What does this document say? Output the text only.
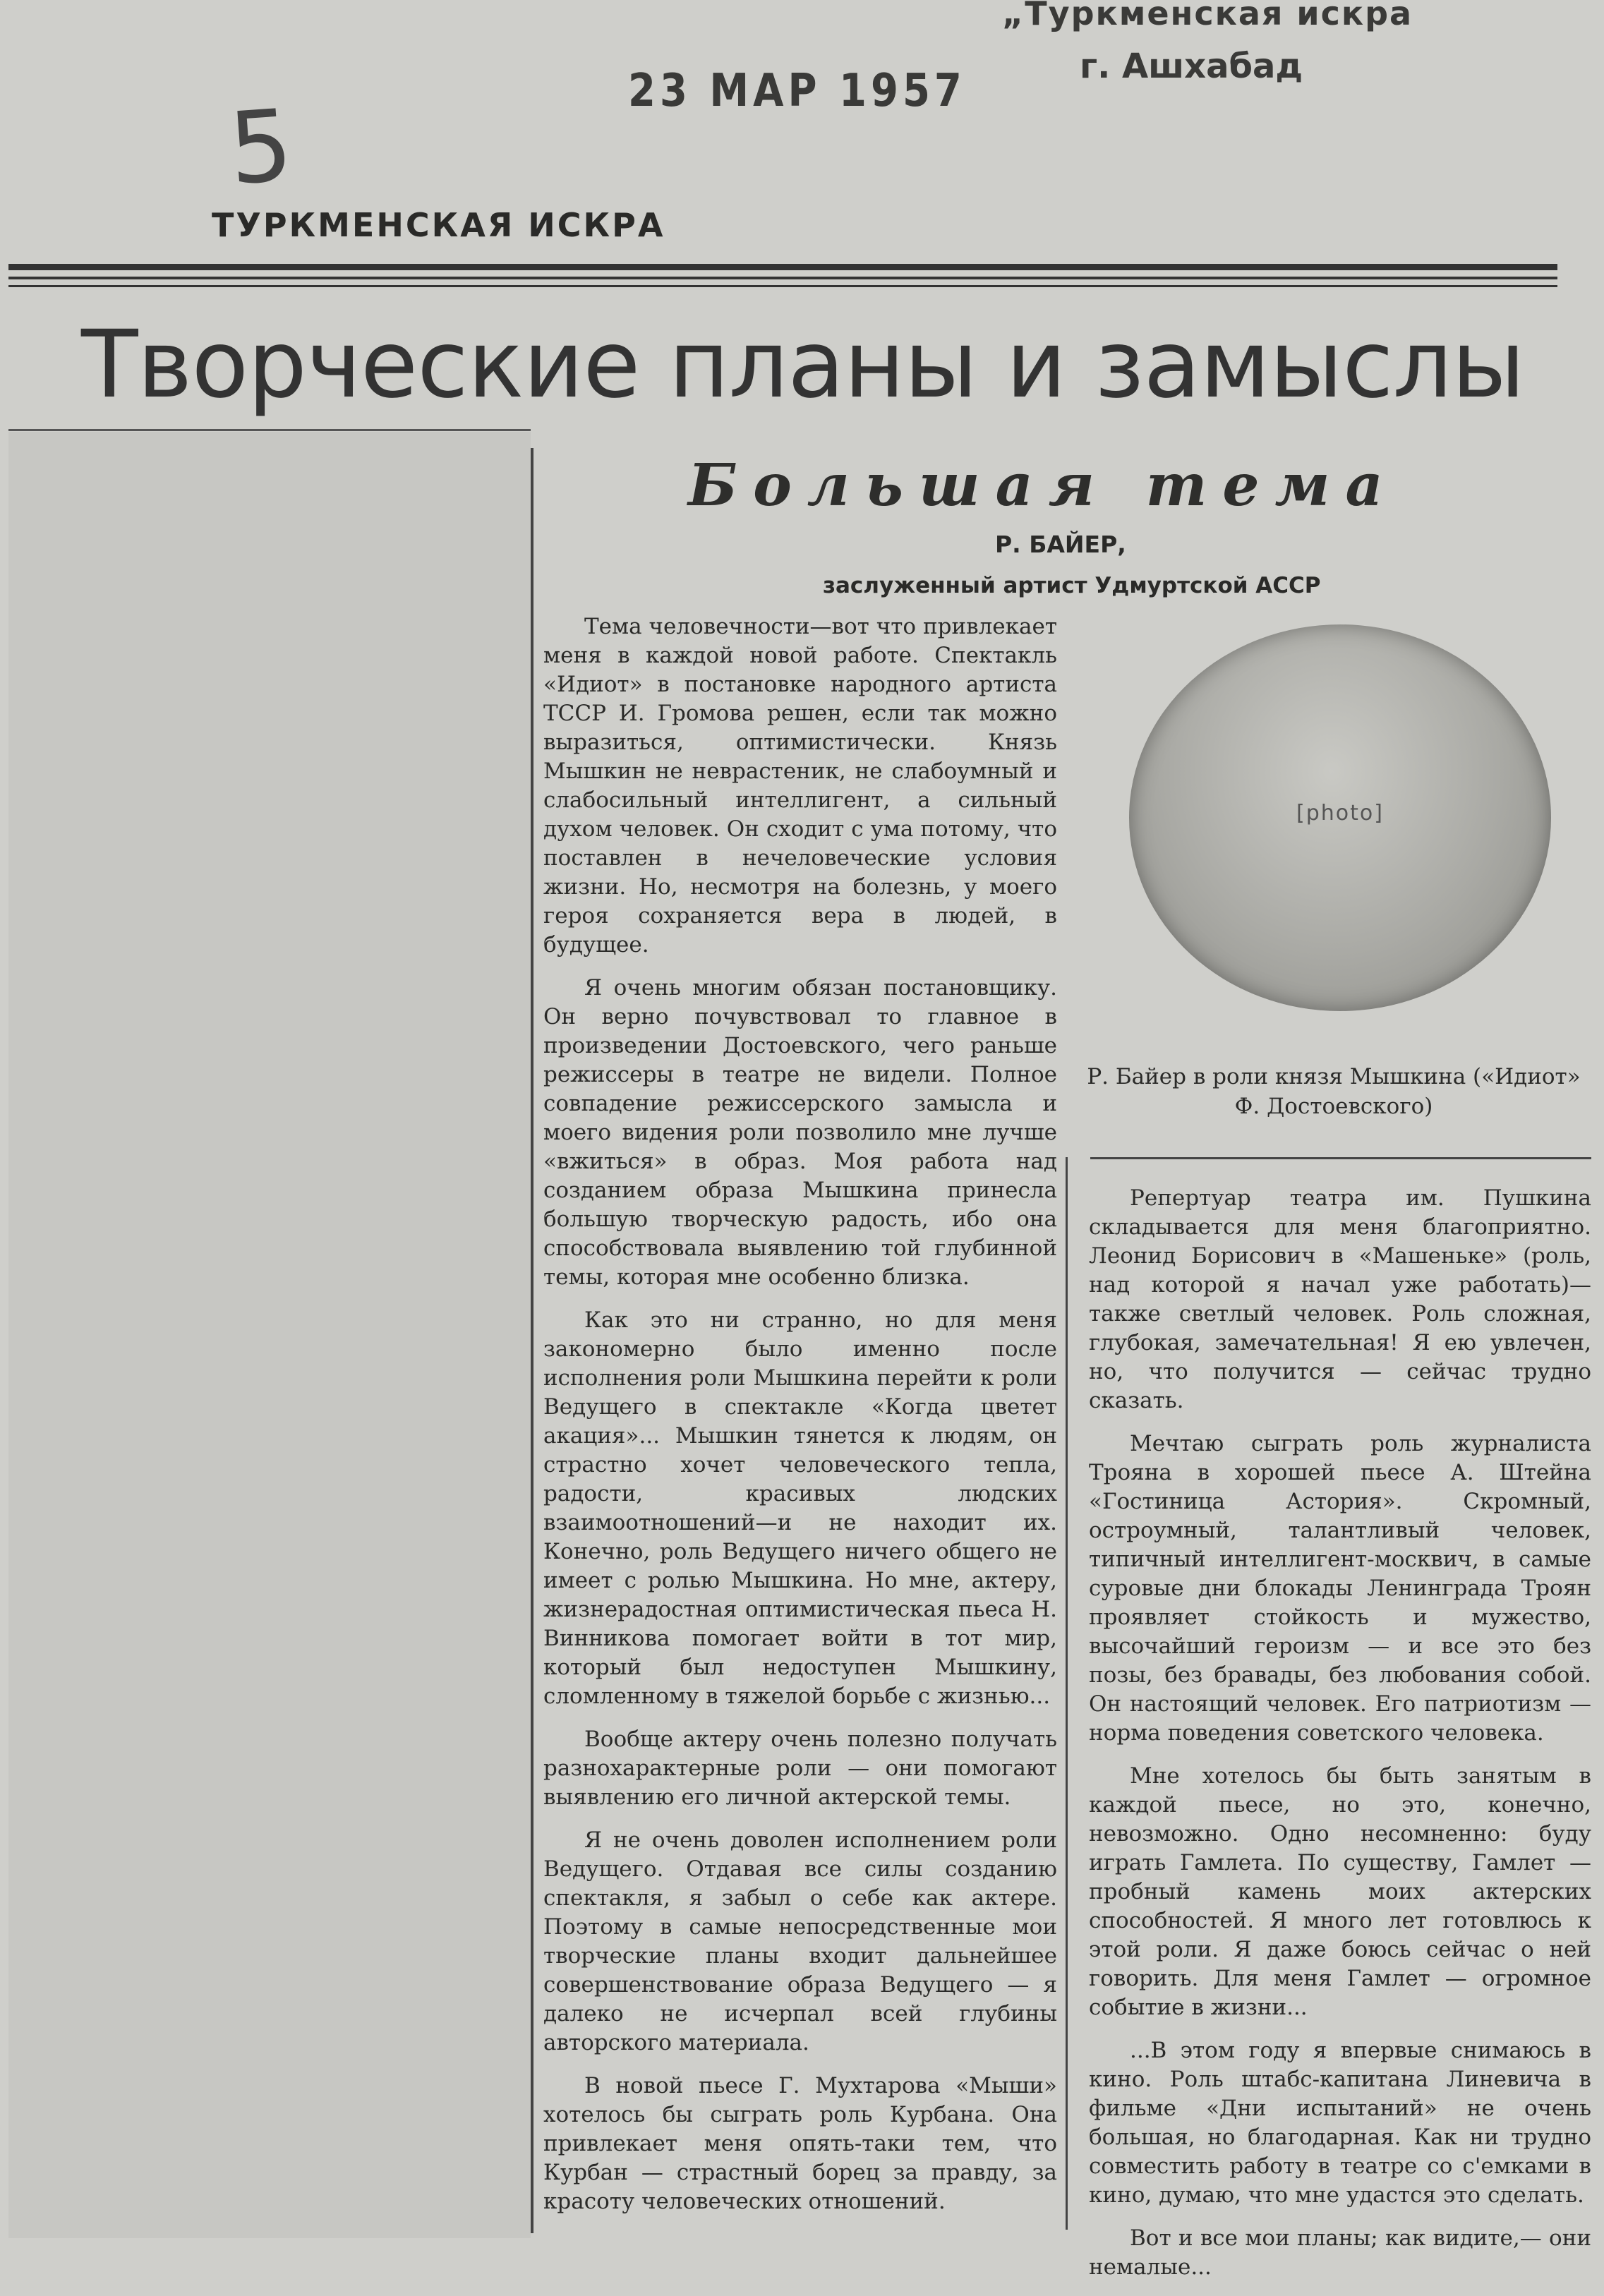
„Туркменская искра
г. Ашхабад
23 МАР 1957
5
ТУРКМЕНСКАЯ ИСКРА
Творческие планы и замыслы
Большая тема
Р. БАЙЕР,
заслуженный артист Удмуртской АССР

Тема человечности—вот что привлекает меня в каждой новой работе. Спектакль «Идиот» в постановке народного артиста ТССР И. Громова решен, если так можно выразиться, оптимистически. Князь Мышкин не неврастеник, не слабоумный и слабосильный интеллигент, а сильный духом человек. Он сходит с ума потому, что поставлен в нечеловеческие условия жизни. Но, несмотря на болезнь, у моего героя сохраняется вера в людей, в будущее.

Я очень многим обязан постановщику. Он верно почувствовал то главное в произведении Достоевского, чего раньше режиссеры в театре не видели. Полное совпадение режиссерского замысла и моего видения роли позволило мне лучше «вжиться» в образ. Моя работа над созданием образа Мышкина принесла большую творческую радость, ибо она способствовала выявлению той глубинной темы, которая мне особенно близка.

Как это ни странно, но для меня закономерно было именно после исполнения роли Мышкина перейти к роли Ведущего в спектакле «Когда цветет акация»... Мышкин тянется к людям, он страстно хочет человеческого тепла, радости, красивых людских взаимоотношений—и не находит их. Конечно, роль Ведущего ничего общего не имеет с ролью Мышкина. Но мне, актеру, жизнерадостная оптимистическая пьеса Н. Винникова помогает войти в тот мир, который был недоступен Мышкину, сломленному в тяжелой борьбе с жизнью...

Вообще актеру очень полезно получать разнохарактерные роли — они помогают выявлению его личной актерской темы.

Я не очень доволен исполнением роли Ведущего. Отдавая все силы созданию спектакля, я забыл о себе как актере. Поэтому в самые непосредственные мои творческие планы входит дальнейшее совершенствование образа Ведущего — я далеко не исчерпал всей глубины авторского материала.

В новой пьесе Г. Мухтарова «Мыши» хотелось бы сыграть роль Курбана. Она привлекает меня опять-таки тем, что Курбан — страстный борец за правду, за красоту человеческих отношений.

[photo]
Р. Байер в роли князя Мышкина («Идиот» Ф. Достоевского)

Репертуар театра им. Пушкина складывается для меня благоприятно. Леонид Борисович в «Машеньке» (роль, над которой я начал уже работать)—также светлый человек. Роль сложная, глубокая, замечательная! Я ею увлечен, но, что получится — сейчас трудно сказать.

Мечтаю сыграть роль журналиста Трояна в хорошей пьесе А. Штейна «Гостиница Астория». Скромный, остроумный, талантливый человек, типичный интеллигент-москвич, в самые суровые дни блокады Ленинграда Троян проявляет стойкость и мужество, высочайший героизм — и все это без позы, без бравады, без любования собой. Он настоящий человек. Его патриотизм — норма поведения советского человека.

Мне хотелось бы быть занятым в каждой пьесе, но это, конечно, невозможно. Одно несомненно: буду играть Гамлета. По существу, Гамлет — пробный камень моих актерских способностей. Я много лет готовлюсь к этой роли. Я даже боюсь сейчас о ней говорить. Для меня Гамлет — огромное событие в жизни...

...В этом году я впервые снимаюсь в кино. Роль штабс-капитана Линевича в фильме «Дни испытаний» не очень большая, но благодарная. Как ни трудно совместить работу в театре со с'емками в кино, думаю, что мне удастся это сделать.

Вот и все мои планы; как видите,— они немалые...
